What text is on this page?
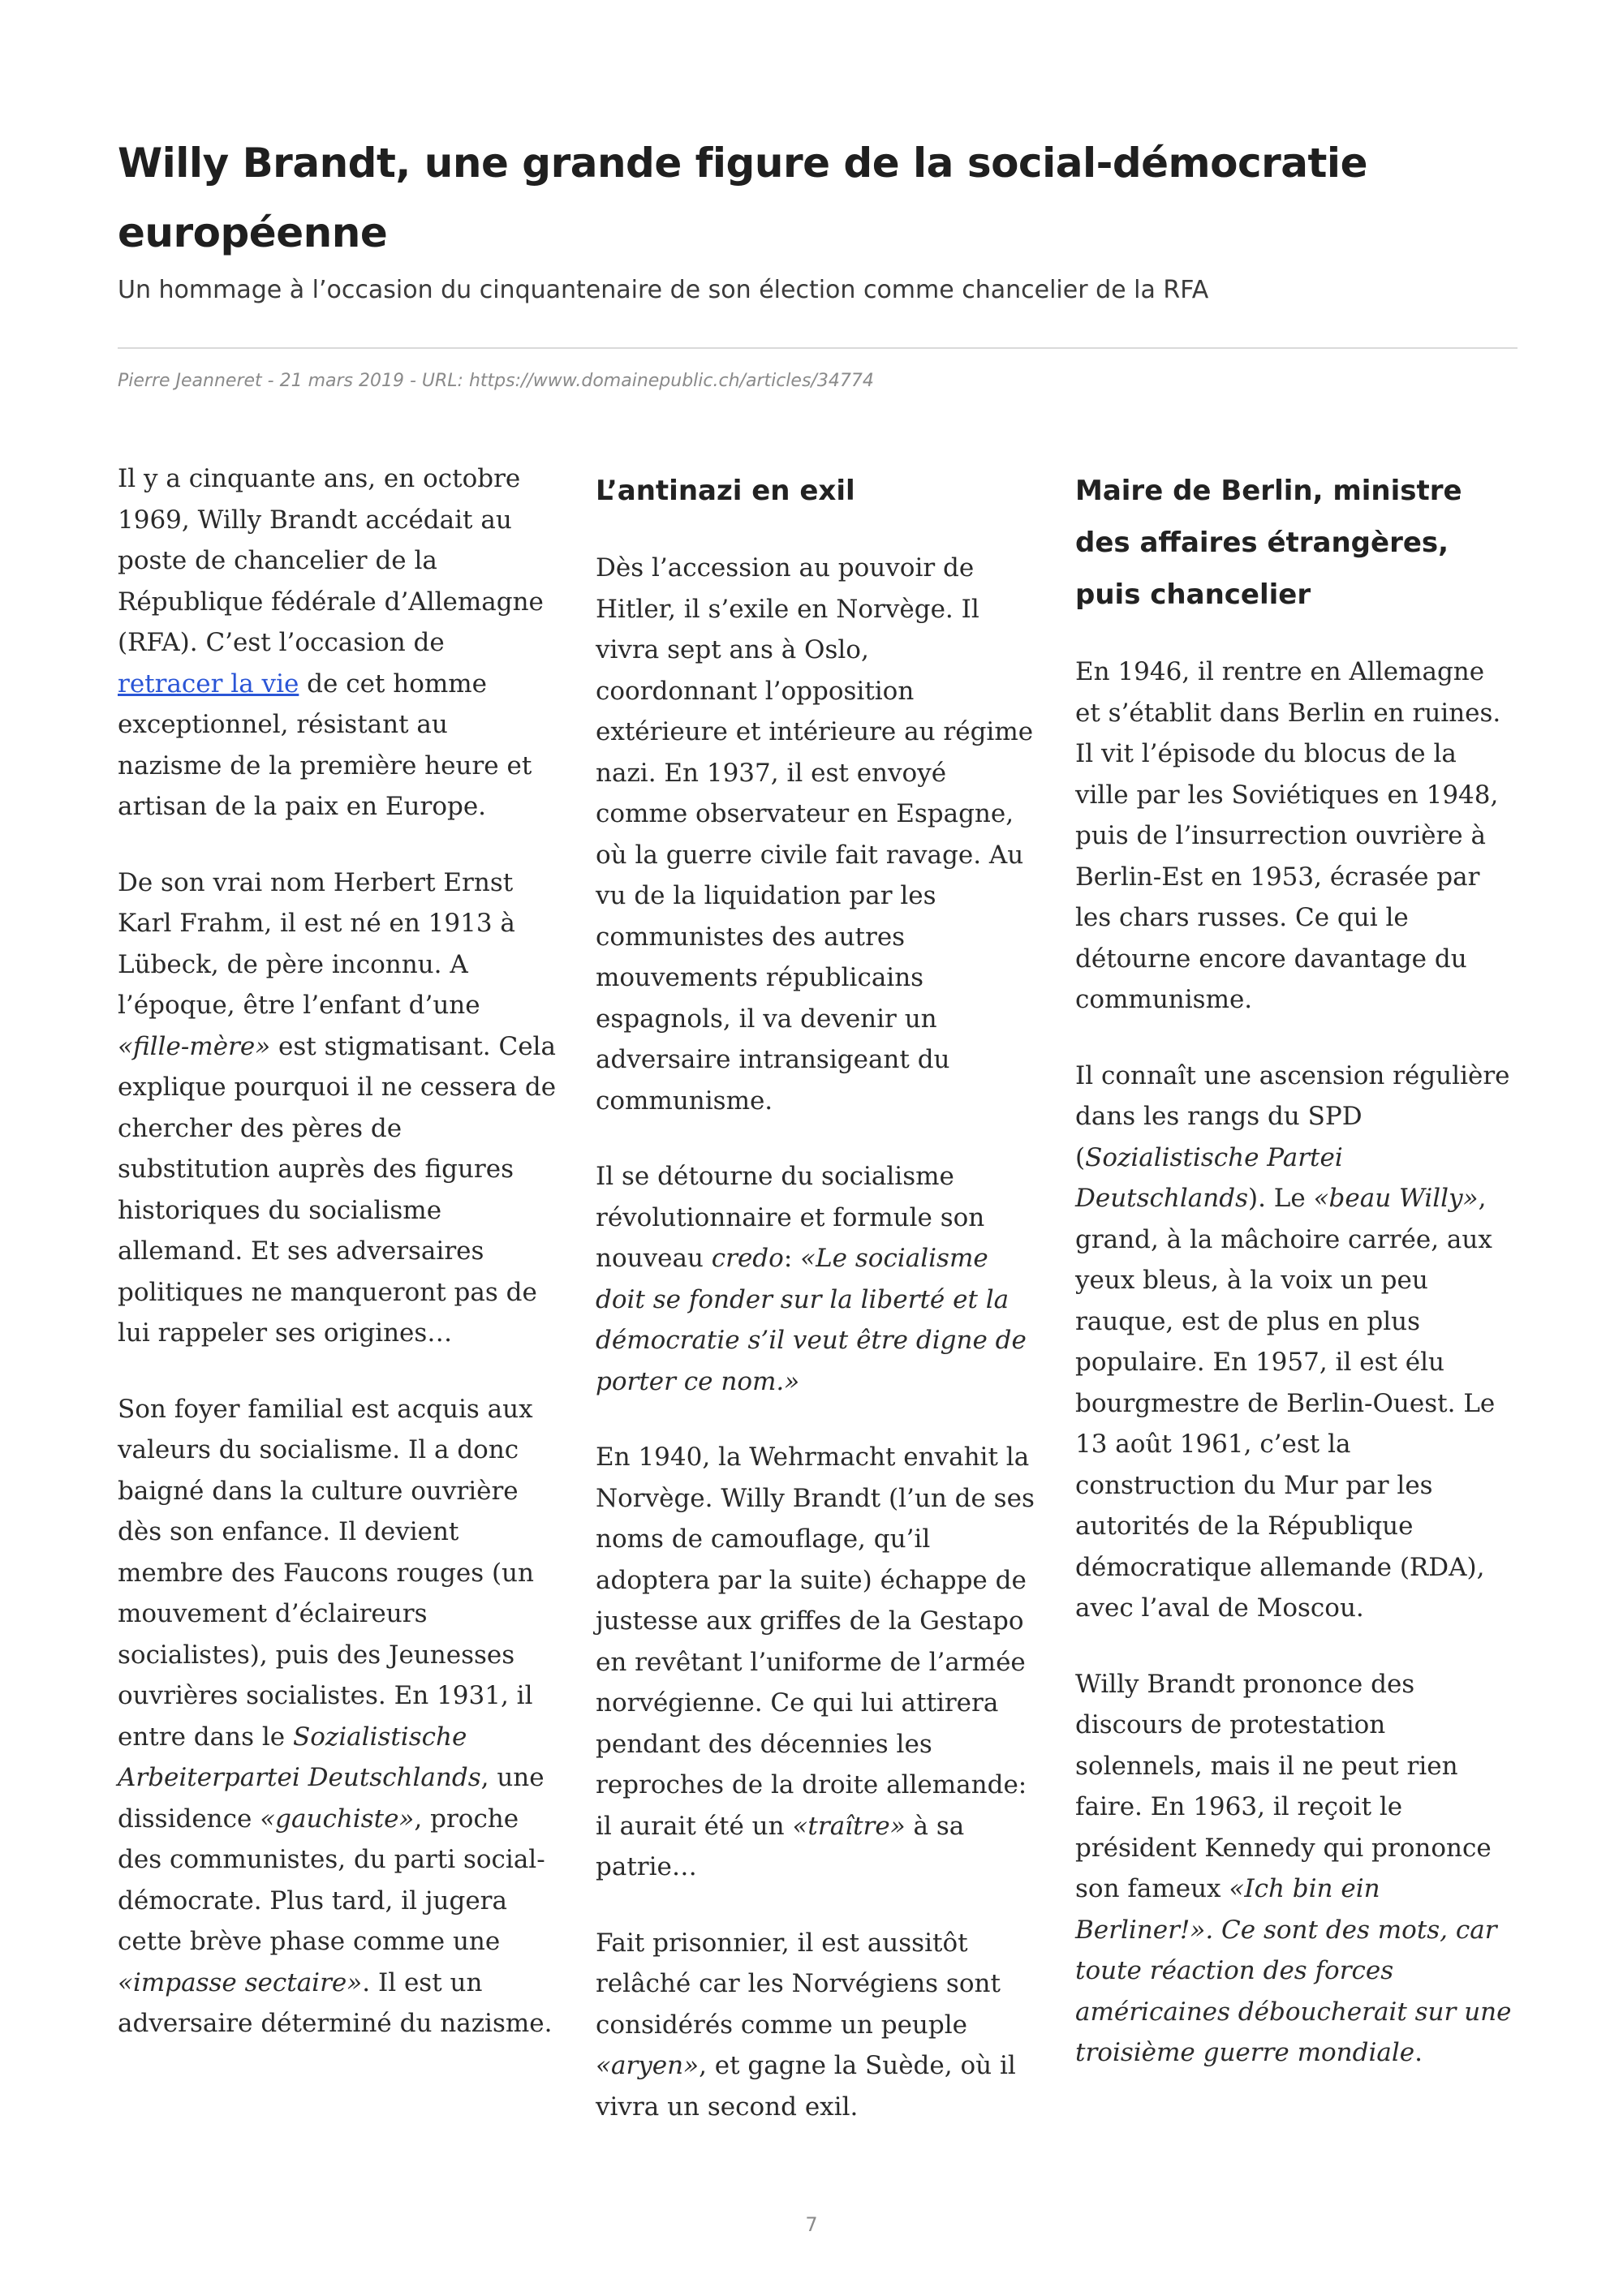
Willy Brandt, une grande figure de la social-démocratie européenne

Un hommage à l’occasion du cinquantenaire de son élection comme chancelier de la RFA

Pierre Jeanneret - 21 mars 2019 - URL: https://www.domainepublic.ch/articles/34774

Il y a cinquante ans, en octobre 1969, Willy Brandt accédait au poste de chancelier de la République fédérale d’Allemagne (RFA). C’est l’occasion de retracer la vie de cet homme exceptionnel, résistant au nazisme de la première heure et artisan de la paix en Europe.

De son vrai nom Herbert Ernst Karl Frahm, il est né en 1913 à Lübeck, de père inconnu. A l’époque, être l’enfant d’une «fille-mère» est stigmatisant. Cela explique pourquoi il ne cessera de chercher des pères de substitution auprès des figures historiques du socialisme allemand. Et ses adversaires politiques ne manqueront pas de lui rappeler ses origines…

Son foyer familial est acquis aux valeurs du socialisme. Il a donc baigné dans la culture ouvrière dès son enfance. Il devient membre des Faucons rouges (un mouvement d’éclaireurs socialistes), puis des Jeunesses ouvrières socialistes. En 1931, il entre dans le Sozialistische Arbeiterpartei Deutschlands, une dissidence «gauchiste», proche des communistes, du parti social-démocrate. Plus tard, il jugera cette brève phase comme une «impasse sectaire». Il est un adversaire déterminé du nazisme.

L’antinazi en exil

Dès l’accession au pouvoir de Hitler, il s’exile en Norvège. Il vivra sept ans à Oslo, coordonnant l’opposition extérieure et intérieure au régime nazi. En 1937, il est envoyé comme observateur en Espagne, où la guerre civile fait ravage. Au vu de la liquidation par les communistes des autres mouvements républicains espagnols, il va devenir un adversaire intransigeant du communisme.

Il se détourne du socialisme révolutionnaire et formule son nouveau credo: «Le socialisme doit se fonder sur la liberté et la démocratie s’il veut être digne de porter ce nom.»

En 1940, la Wehrmacht envahit la Norvège. Willy Brandt (l’un de ses noms de camouflage, qu’il adoptera par la suite) échappe de justesse aux griffes de la Gestapo en revêtant l’uniforme de l’armée norvégienne. Ce qui lui attirera pendant des décennies les reproches de la droite allemande: il aurait été un «traître» à sa patrie…

Fait prisonnier, il est aussitôt relâché car les Norvégiens sont considérés comme un peuple «aryen», et gagne la Suède, où il vivra un second exil.

Maire de Berlin, ministre des affaires étrangères, puis chancelier

En 1946, il rentre en Allemagne et s’établit dans Berlin en ruines. Il vit l’épisode du blocus de la ville par les Soviétiques en 1948, puis de l’insurrection ouvrière à Berlin-Est en 1953, écrasée par les chars russes. Ce qui le détourne encore davantage du communisme.

Il connaît une ascension régulière dans les rangs du SPD (Sozialistische Partei Deutschlands). Le «beau Willy», grand, à la mâchoire carrée, aux yeux bleus, à la voix un peu rauque, est de plus en plus populaire. En 1957, il est élu bourgmestre de Berlin-Ouest. Le 13 août 1961, c’est la construction du Mur par les autorités de la République démocratique allemande (RDA), avec l’aval de Moscou.

Willy Brandt prononce des discours de protestation solennels, mais il ne peut rien faire. En 1963, il reçoit le président Kennedy qui prononce son fameux «Ich bin ein Berliner!». Ce sont des mots, car toute réaction des forces américaines déboucherait sur une troisième guerre mondiale.

7
